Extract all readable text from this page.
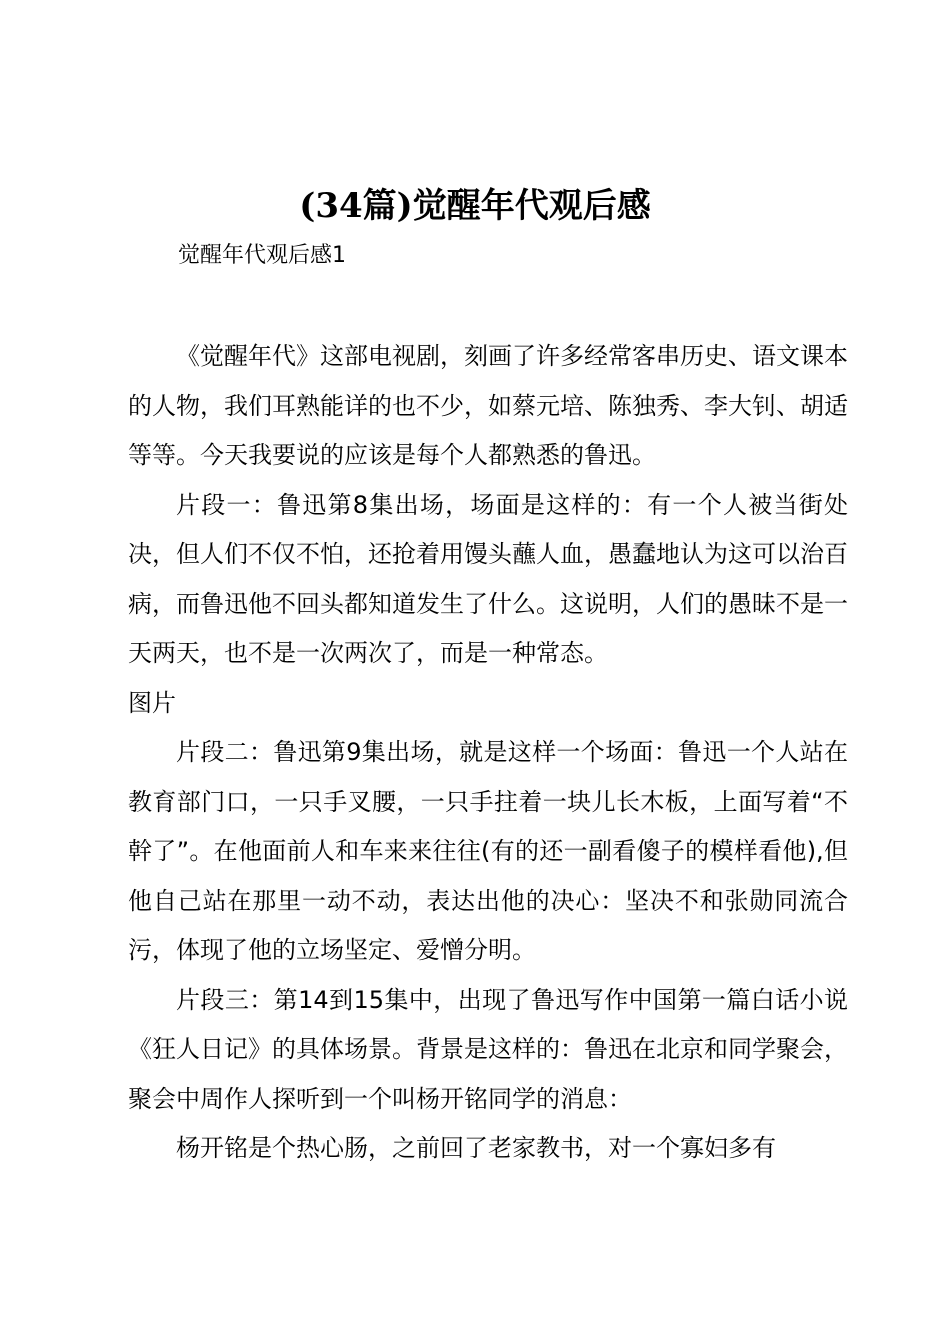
(34篇)觉醒年代观后感
觉醒年代观后感1

《觉醒年代》这部电视剧，刻画了许多经常客串历史、语文课本的人物，我们耳熟能详的也不少，如蔡元培、陈独秀、李大钊、胡适等等。今天我要说的应该是每个人都熟悉的鲁迅。

片段一：鲁迅第8集出场，场面是这样的：有一个人被当街处决，但人们不仅不怕，还抢着用馒头蘸人血，愚蠢地认为这可以治百病，而鲁迅他不回头都知道发生了什么。这说明，人们的愚昧不是一天两天，也不是一次两次了，而是一种常态。

图片

片段二：鲁迅第9集出场，就是这样一个场面：鲁迅一个人站在教育部门口，一只手叉腰，一只手拄着一块儿长木板，上面写着“不幹了”。在他面前人和车来来往往(有的还一副看傻子的模样看他),但他自己站在那里一动不动，表达出他的决心：坚决不和张勋同流合污，体现了他的立场坚定、爱憎分明。

片段三：第14到15集中，出现了鲁迅写作中国第一篇白话小说《狂人日记》的具体场景。背景是这样的：鲁迅在北京和同学聚会，聚会中周作人探听到一个叫杨开铭同学的消息：

杨开铭是个热心肠，之前回了老家教书，对一个寡妇多有
